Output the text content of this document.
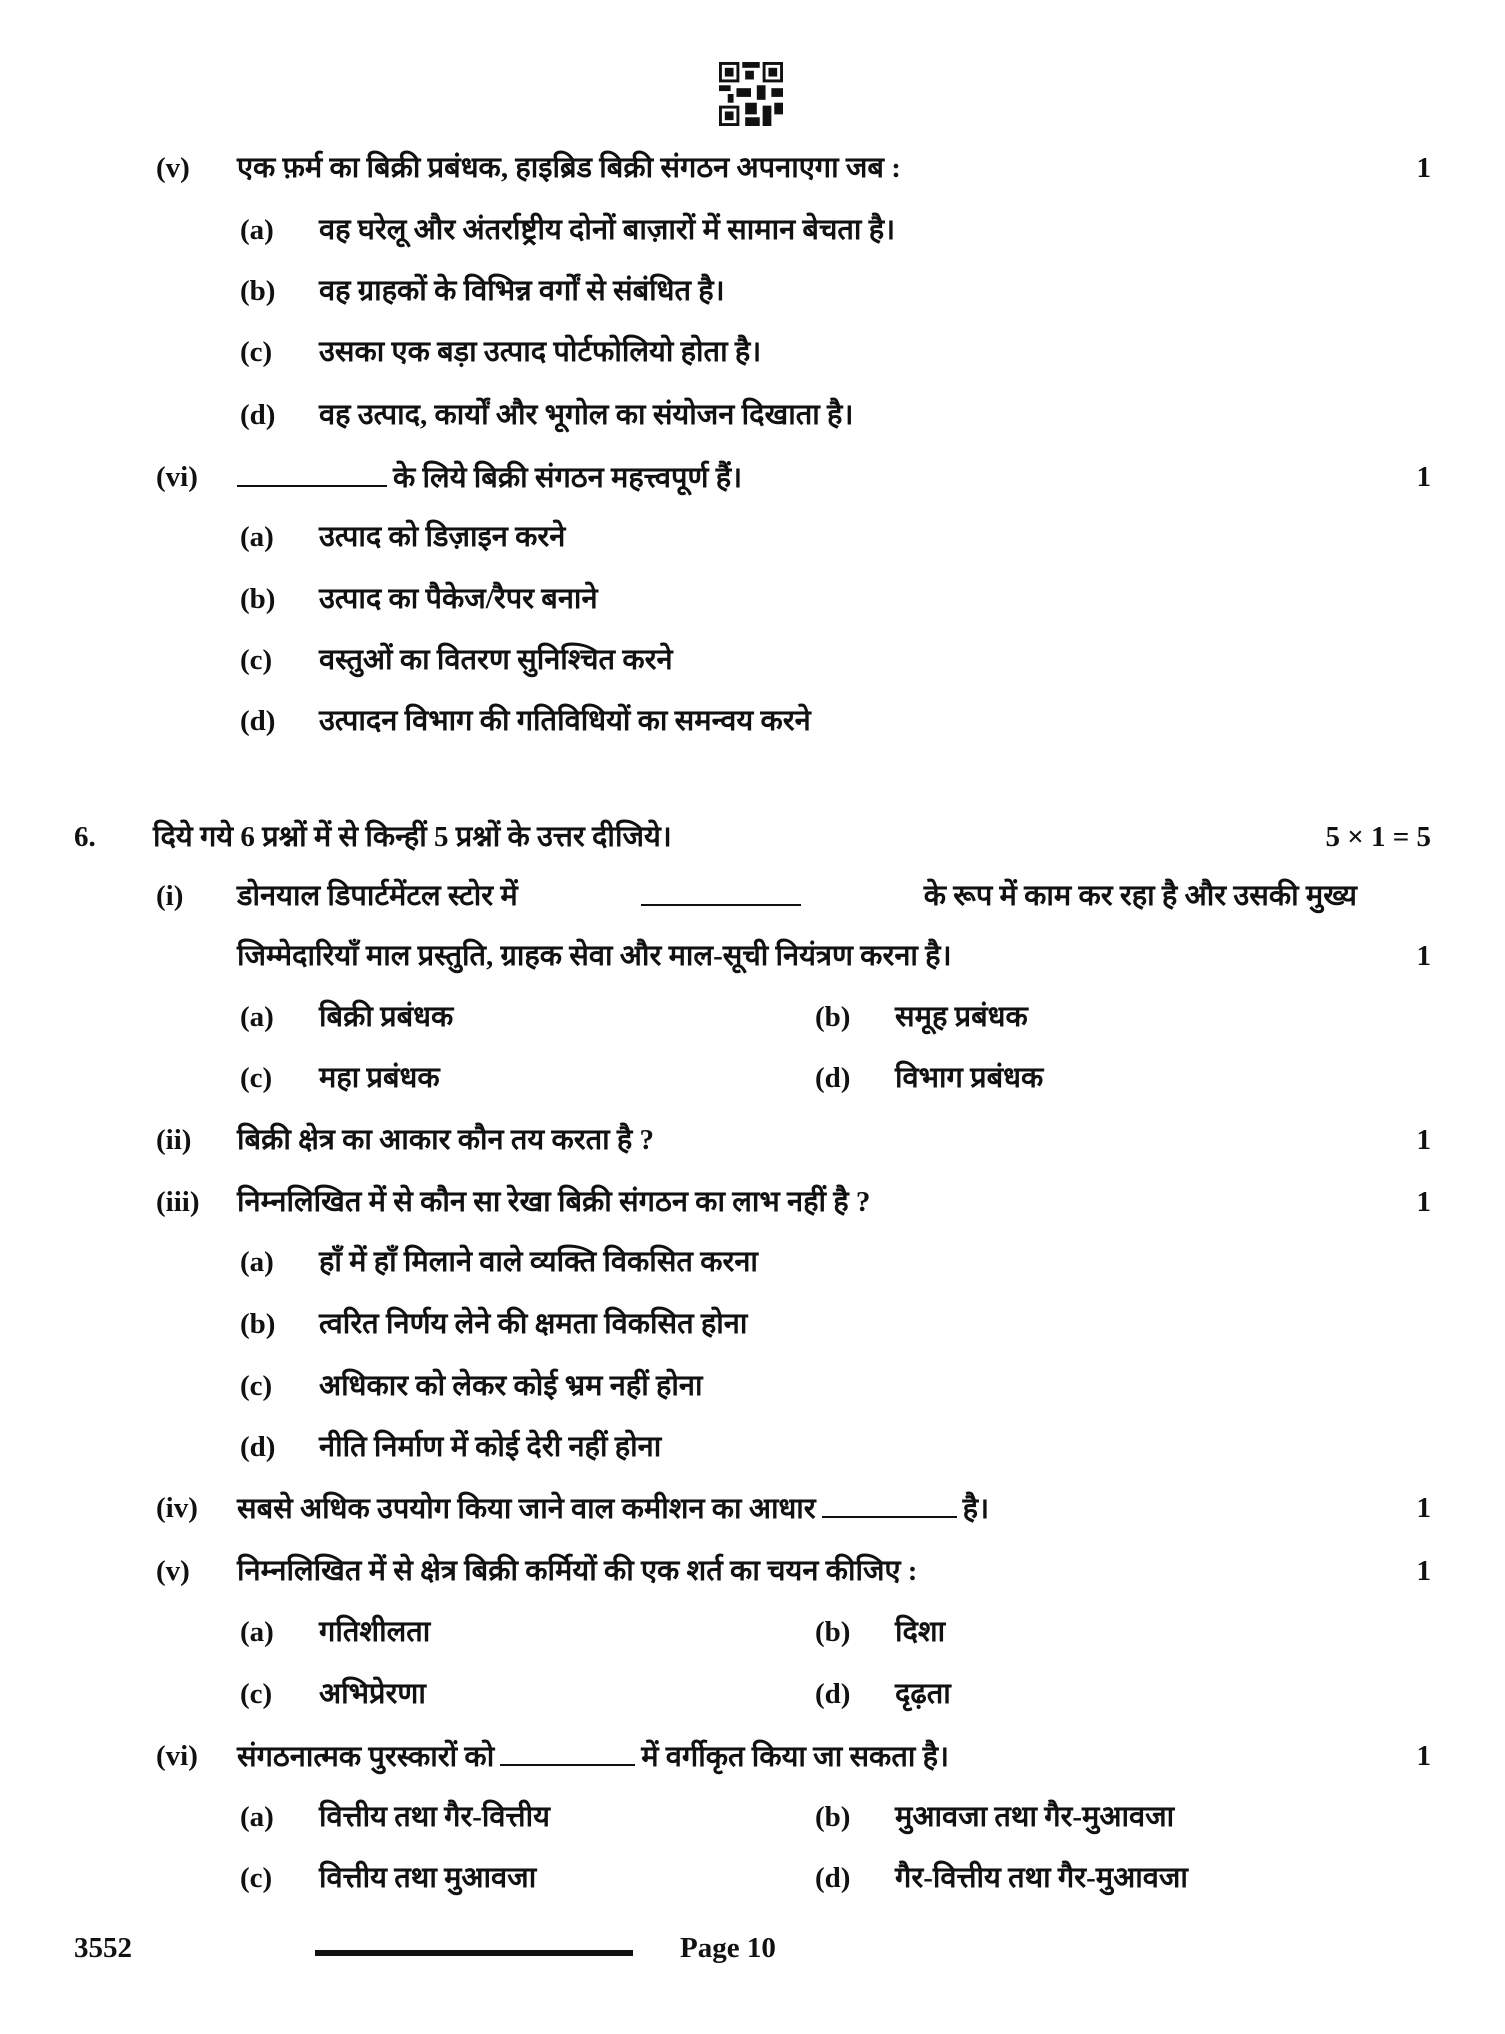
(v) एक फ़र्म का बिक्री प्रबंधक, हाइब्रिड बिक्री संगठन अपनाएगा जब :	1
(a) वह घरेलू और अंतर्राष्ट्रीय दोनों बाज़ारों में सामान बेचता है।
(b) वह ग्राहकों के विभिन्न वर्गों से संबंधित है।
(c) उसका एक बड़ा उत्पाद पोर्टफोलियो होता है।
(d) वह उत्पाद, कार्यों और भूगोल का संयोजन दिखाता है।
(vi)	के लिये बिक्री संगठन महत्त्वपूर्ण हैं।	1
(a) उत्पाद को डिज़ाइन करने
(b) उत्पाद का पैकेज/रैपर बनाने
(c) वस्तुओं का वितरण सुनिश्चित करने
(d) उत्पादन विभाग की गतिविधियों का समन्वय करने
6. दिये गये 6 प्रश्नों में से किन्हीं 5 प्रश्नों के उत्तर दीजिये।	5 × 1 = 5
(i) डोनयाल डिपार्टमेंटल स्टोर में	के रूप में काम कर रहा है और उसकी मुख्य
जिम्मेदारियाँ माल प्रस्तुति, ग्राहक सेवा और माल-सूची नियंत्रण करना है।	1
(a) बिक्री प्रबंधक	(b) समूह प्रबंधक
(c) महा प्रबंधक	(d) विभाग प्रबंधक
(ii) बिक्री क्षेत्र का आकार कौन तय करता है ?	1
(iii) निम्नलिखित में से कौन सा रेखा बिक्री संगठन का लाभ नहीं है ?	1
(a) हाँ में हाँ मिलाने वाले व्यक्ति विकसित करना
(b) त्वरित निर्णय लेने की क्षमता विकसित होना
(c) अधिकार को लेकर कोई भ्रम नहीं होना
(d) नीति निर्माण में कोई देरी नहीं होना
(iv) सबसे अधिक उपयोग किया जाने वाल कमीशन का आधार	है।	1
(v) निम्नलिखित में से क्षेत्र बिक्री कर्मियों की एक शर्त का चयन कीजिए :	1
(a) गतिशीलता	(b) दिशा
(c) अभिप्रेरणा	(d) दृढ़ता
(vi) संगठनात्मक पुरस्कारों को	में वर्गीकृत किया जा सकता है।	1
(a) वित्तीय तथा गैर-वित्तीय	(b) मुआवजा तथा गैर-मुआवजा
(c) वित्तीय तथा मुआवजा	(d) गैर-वित्तीय तथा गैर-मुआवजा
3552	Page 10
